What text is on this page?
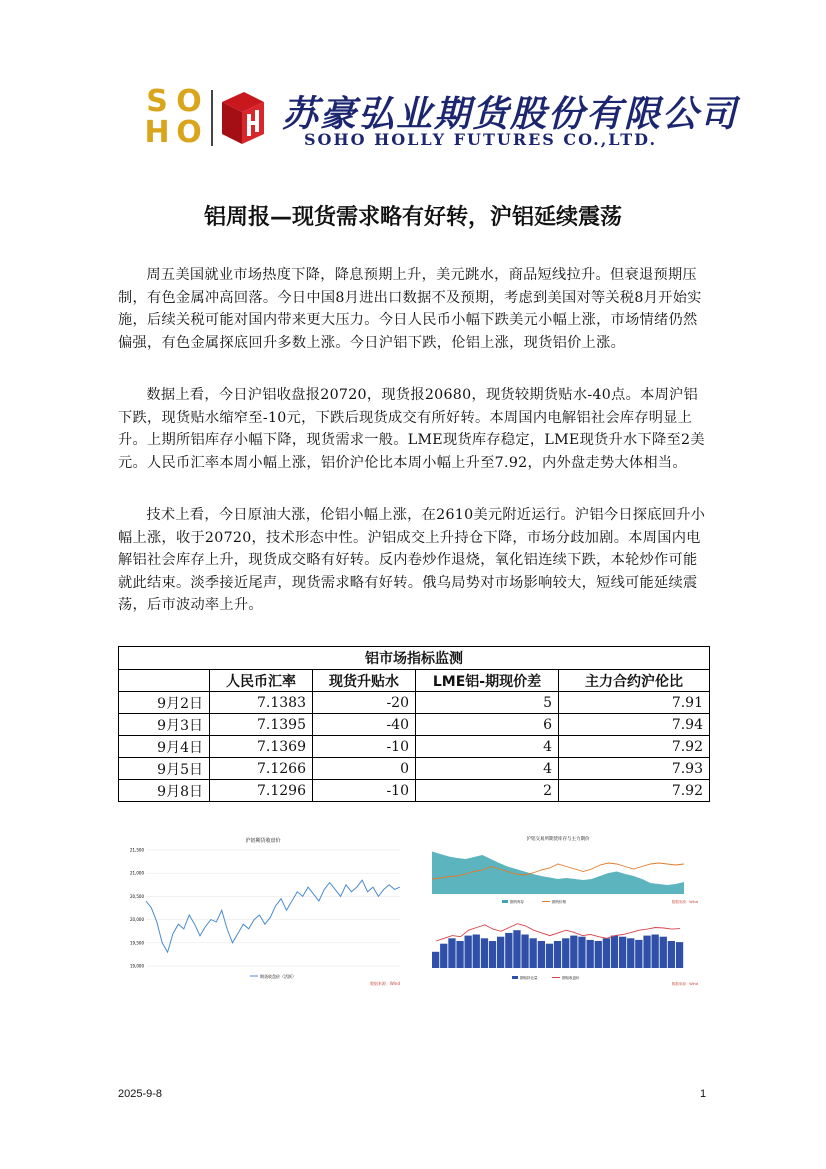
S O
H O 苏豪弘业期货股份有限公司
SOHO HOLLY FUTURES CO.,LTD.
铝周报—现货需求略有好转，沪铝延续震荡

周五美国就业市场热度下降，降息预期上升，美元跳水，商品短线拉升。但衰退预期压制，有色金属冲高回落。今日中国8月进出口数据不及预期，考虑到美国对等关税8月开始实施，后续关税可能对国内带来更大压力。今日人民币小幅下跌美元小幅上涨，市场情绪仍然偏强，有色金属探底回升多数上涨。今日沪铝下跌，伦铝上涨，现货铝价上涨。

数据上看，今日沪铝收盘报20720，现货报20680，现货较期货贴水-40点。本周沪铝下跌，现货贴水缩窄至-10元，下跌后现货成交有所好转。本周国内电解铝社会库存明显上升。上期所铝库存小幅下降，现货需求一般。LME现货库存稳定，LME现货升水下降至2美元。人民币汇率本周小幅上涨，铝价沪伦比本周小幅上升至7.92，内外盘走势大体相当。

技术上看，今日原油大涨，伦铝小幅上涨，在2610美元附近运行。沪铝今日探底回升小幅上涨，收于20720，技术形态中性。沪铝成交上升持仓下降，市场分歧加剧。本周国内电解铝社会库存上升，现货成交略有好转。反内卷炒作退烧，氧化铝连续下跌，本轮炒作可能就此结束。淡季接近尾声，现货需求略有好转。俄乌局势对市场影响较大，短线可能延续震荡，后市波动率上升。

铝市场指标监测				
	人民币汇率	现货升贴水	LME铝-期现价差	主力合约沪伦比
9月2日	7.1383	-20	5	7.91
9月3日	7.1395	-40	6	7.94
9月4日	7.1369	-10	4	7.92
9月5日	7.1266	0	4	7.93
9月8日	7.1296	-10	2	7.92
沪铝期货收盘价
21,500
21,000
20,500
20,000
19,500
19,000
期货收盘价（活跃）
数据来源：Wind
沪铝交易所期货库存与主力期价
期货库存	期货价格	数据来源：Wind
期铝持仓量	期铝收盘价
数据来源：Wind
2025-9-8	1
